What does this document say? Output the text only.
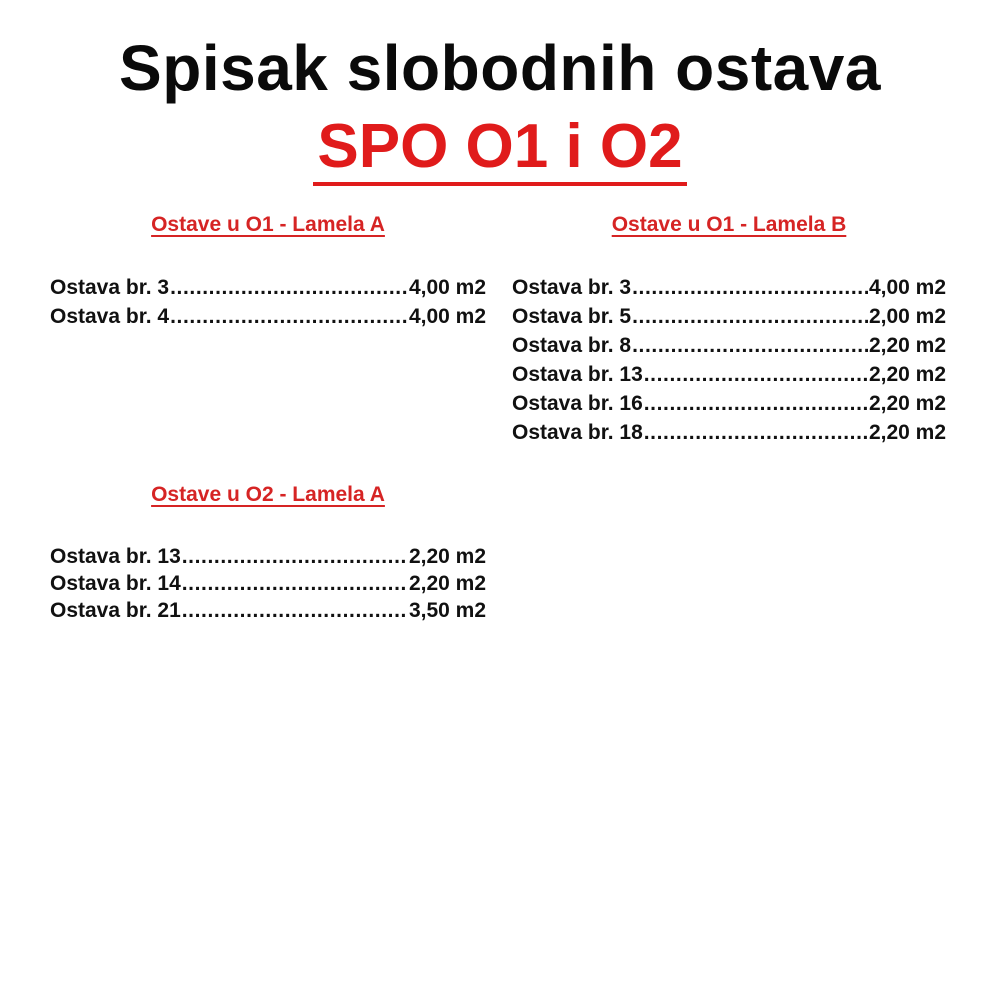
Spisak slobodnih ostava
SPO O1 i O2
Ostave u O1 - Lamela A
Ostava br. 3 .....	4,00 m2
Ostava br. 4 .....	4,00 m2
Ostave u O1 - Lamela B
Ostava br. 3 .....	4,00 m2
Ostava br. 5 .....	2,00 m2
Ostava br. 8 .....	2,20 m2
Ostava br. 13 .....	2,20 m2
Ostava br. 16 .....	2,20 m2
Ostava br. 18 .....	2,20 m2
Ostave u O2 - Lamela A
Ostava br. 13 .....	2,20 m2
Ostava br. 14 .....	2,20 m2
Ostava br. 21 .....	3,50 m2
